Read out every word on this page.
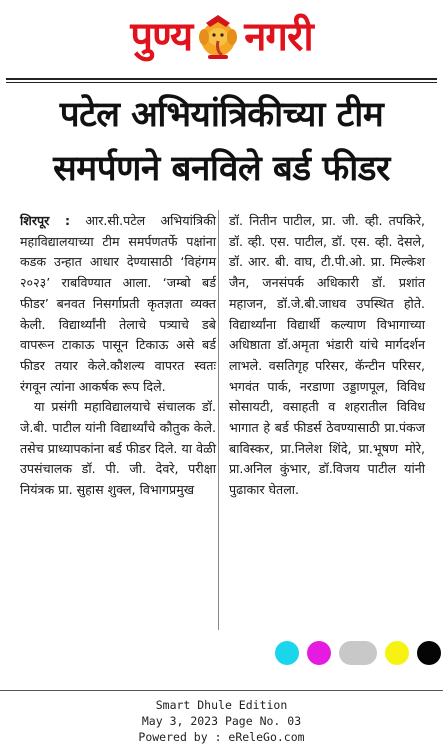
पुण्य नगरी
पटेल अभियांत्रिकीच्या टीम
समर्पणने बनविले बर्ड फीडर

शिरपूर : आर.सी.पटेल अभियांत्रिकी महाविद्यालयाच्या टीम समर्पणतर्फे पक्षांना कडक उन्हात आधार देण्यासाठी ‘विहंगम २०२३’ राबविण्यात आला. ‘जम्बो बर्ड फीडर’ बनवत निसर्गाप्रती कृतज्ञता व्यक्त केली. विद्यार्थ्यांनी तेलाचे पत्र्याचे डबे वापरून टाकाऊ पासून टिकाऊ असे बर्ड फीडर तयार केले.कौशल्य वापरत स्वतः रंगवून त्यांना आकर्षक रूप दिले.

या प्रसंगी महाविद्यालयाचे संचालक डॉ. जे.बी. पाटील यांनी विद्यार्थ्यांचे कौतुक केले. तसेच प्राध्यापकांना बर्ड फीडर दिले. या वेळी उपसंचालक डॉ. पी. जी. देवरे, परीक्षा नियंत्रक प्रा. सुहास शुक्ल, विभागप्रमुख

डॉ. नितीन पाटील, प्रा. जी. व्ही. तपकिरे, डॉ. व्ही. एस. पाटील, डॉ. एस. व्ही. देसले, डॉ. आर. बी. वाघ, टी.पी.ओ. प्रा. मिल्केश जैन, जनसंपर्क अधिकारी डॉ. प्रशांत महाजन, डॉ.जे.बी.जाधव उपस्थित होते. विद्यार्थ्यांना विद्यार्थी कल्याण विभागाच्या अधिष्ठाता डॉ.अमृता भंडारी यांचे मार्गदर्शन लाभले. वसतिगृह परिसर, कॅन्टीन परिसर, भगवंत पार्क, नरडाणा उड्डाणपूल, विविध सोसायटी, वसाहती व शहरातील विविध भागात हे बर्ड फीडर्स ठेवण्यासाठी प्रा.पंकज बाविस्कर, प्रा.निलेश शिंदे, प्रा.भूषण मोरे, प्रा.अनिल कुंभार, डॉ.विजय पाटील यांनी पुढाकार घेतला.

Smart Dhule Edition
May 3, 2023 Page No. 03
Powered by : eReleGo.com
